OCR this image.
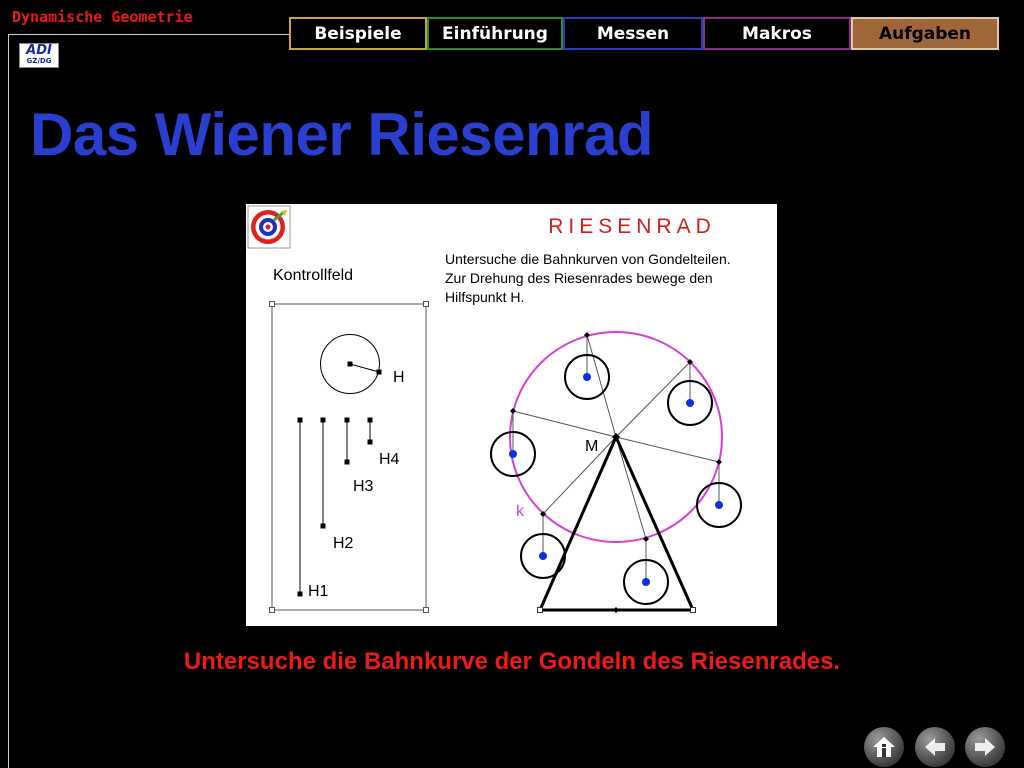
Dynamische Geometrie
ADI
GZ/DG
Beispiele	Einführung	Messen	Makros	Aufgaben
Das Wiener Riesenrad
RIESENRAD
Untersuche die Bahnkurven von Gondelteilen.
Zur Drehung des Riesenrades bewege den
Hilfspunkt H.
Kontrollfeld
H
H1
H2
H3
H4
M
k

Untersuche die Bahnkurve der Gondeln des Riesenrades.
